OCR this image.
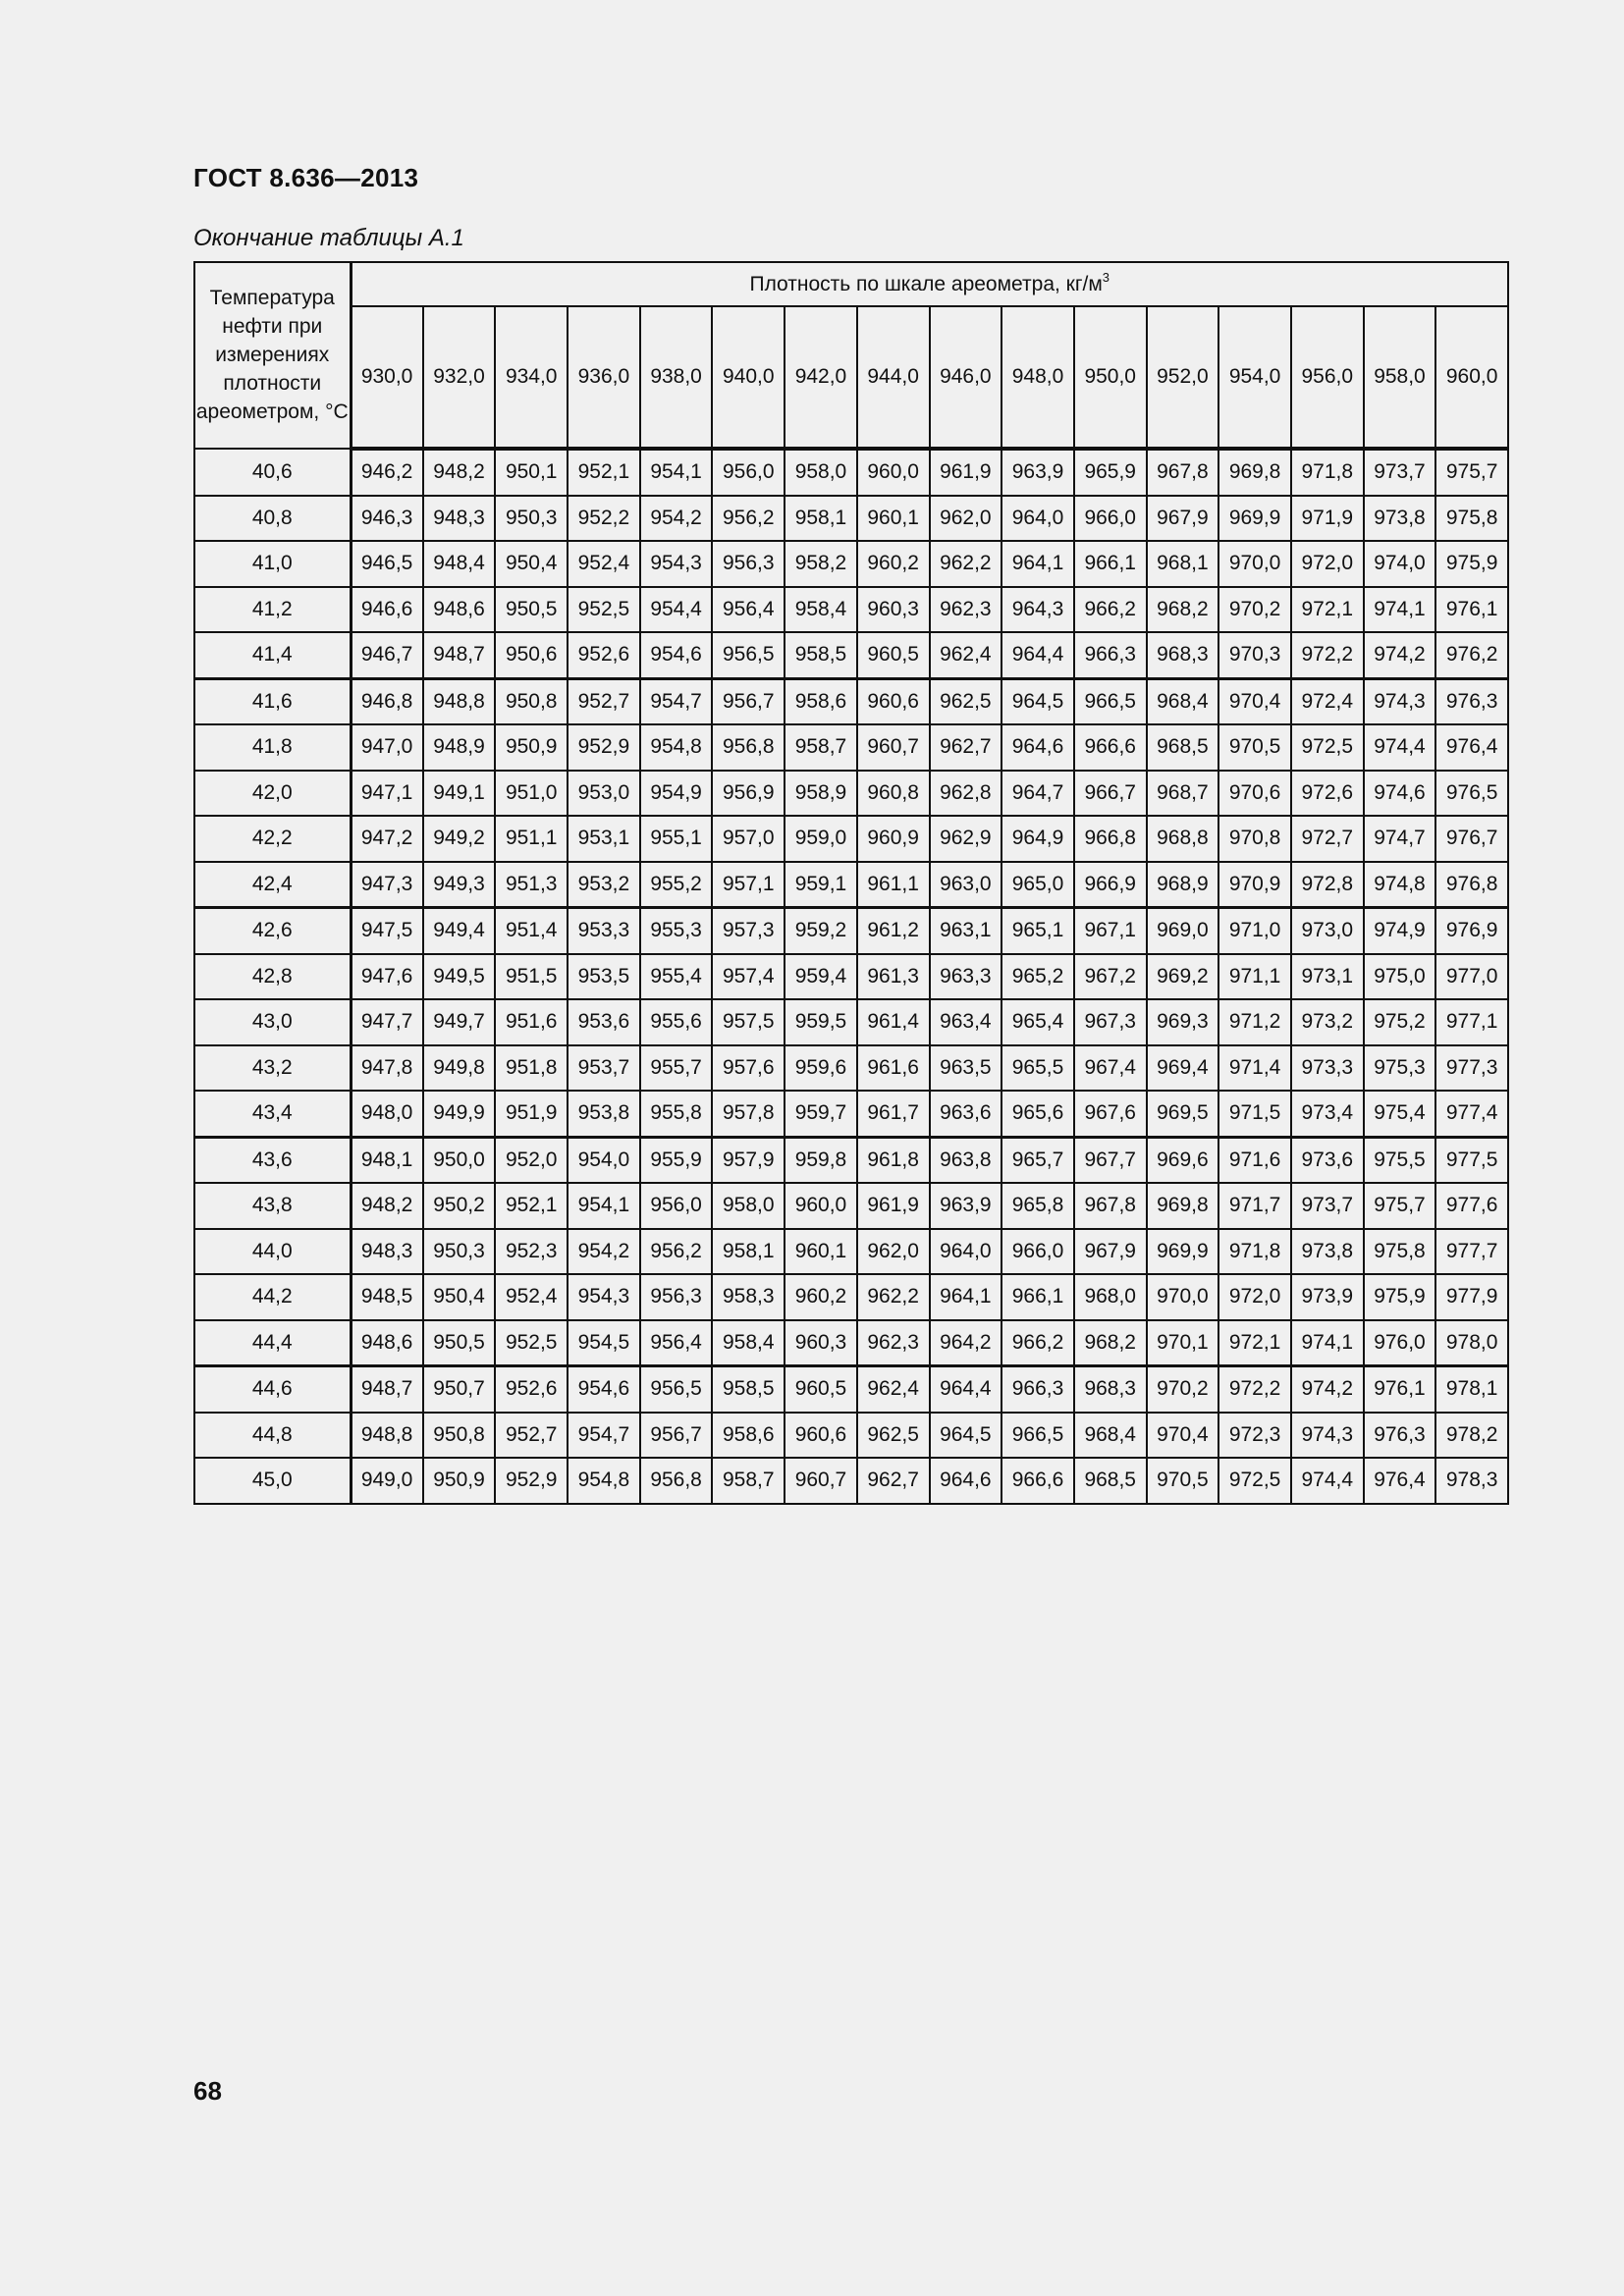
ГОСТ 8.636—2013
Окончание таблицы А.1
Температура нефти при измерениях плотности ареометром, °С	Плотность по шкале ареометра, $кг/м^3$
	930,0	932,0	934,0	936,0	938,0	940,0	942,0	944,0	946,0	948,0	950,0	952,0	954,0	956,0	958,0	960,0
40,6	946,2	948,2	950,1	952,1	954,1	956,0	958,0	960,0	961,9	963,9	965,9	967,8	969,8	971,8	973,7	975,7
40,8	946,3	948,3	950,3	952,2	954,2	956,2	958,1	960,1	962,0	964,0	966,0	967,9	969,9	971,9	973,8	975,8
41,0	946,5	948,4	950,4	952,4	954,3	956,3	958,2	960,2	962,2	964,1	966,1	968,1	970,0	972,0	974,0	975,9
41,2	946,6	948,6	950,5	952,5	954,4	956,4	958,4	960,3	962,3	964,3	966,2	968,2	970,2	972,1	974,1	976,1
41,4	946,7	948,7	950,6	952,6	954,6	956,5	958,5	960,5	962,4	964,4	966,3	968,3	970,3	972,2	974,2	976,2
41,6	946,8	948,8	950,8	952,7	954,7	956,7	958,6	960,6	962,5	964,5	966,5	968,4	970,4	972,4	974,3	976,3
41,8	947,0	948,9	950,9	952,9	954,8	956,8	958,7	960,7	962,7	964,6	966,6	968,5	970,5	972,5	974,4	976,4
42,0	947,1	949,1	951,0	953,0	954,9	956,9	958,9	960,8	962,8	964,7	966,7	968,7	970,6	972,6	974,6	976,5
42,2	947,2	949,2	951,1	953,1	955,1	957,0	959,0	960,9	962,9	964,9	966,8	968,8	970,8	972,7	974,7	976,7
42,4	947,3	949,3	951,3	953,2	955,2	957,1	959,1	961,1	963,0	965,0	966,9	968,9	970,9	972,8	974,8	976,8
42,6	947,5	949,4	951,4	953,3	955,3	957,3	959,2	961,2	963,1	965,1	967,1	969,0	971,0	973,0	974,9	976,9
42,8	947,6	949,5	951,5	953,5	955,4	957,4	959,4	961,3	963,3	965,2	967,2	969,2	971,1	973,1	975,0	977,0
43,0	947,7	949,7	951,6	953,6	955,6	957,5	959,5	961,4	963,4	965,4	967,3	969,3	971,2	973,2	975,2	977,1
43,2	947,8	949,8	951,8	953,7	955,7	957,6	959,6	961,6	963,5	965,5	967,4	969,4	971,4	973,3	975,3	977,3
43,4	948,0	949,9	951,9	953,8	955,8	957,8	959,7	961,7	963,6	965,6	967,6	969,5	971,5	973,4	975,4	977,4
43,6	948,1	950,0	952,0	954,0	955,9	957,9	959,8	961,8	963,8	965,7	967,7	969,6	971,6	973,6	975,5	977,5
43,8	948,2	950,2	952,1	954,1	956,0	958,0	960,0	961,9	963,9	965,8	967,8	969,8	971,7	973,7	975,7	977,6
44,0	948,3	950,3	952,3	954,2	956,2	958,1	960,1	962,0	964,0	966,0	967,9	969,9	971,8	973,8	975,8	977,7
44,2	948,5	950,4	952,4	954,3	956,3	958,3	960,2	962,2	964,1	966,1	968,0	970,0	972,0	973,9	975,9	977,9
44,4	948,6	950,5	952,5	954,5	956,4	958,4	960,3	962,3	964,2	966,2	968,2	970,1	972,1	974,1	976,0	978,0
44,6	948,7	950,7	952,6	954,6	956,5	958,5	960,5	962,4	964,4	966,3	968,3	970,2	972,2	974,2	976,1	978,1
44,8	948,8	950,8	952,7	954,7	956,7	958,6	960,6	962,5	964,5	966,5	968,4	970,4	972,3	974,3	976,3	978,2
45,0	949,0	950,9	952,9	954,8	956,8	958,7	960,7	962,7	964,6	966,6	968,5	970,5	972,5	974,4	976,4	978,3
68
